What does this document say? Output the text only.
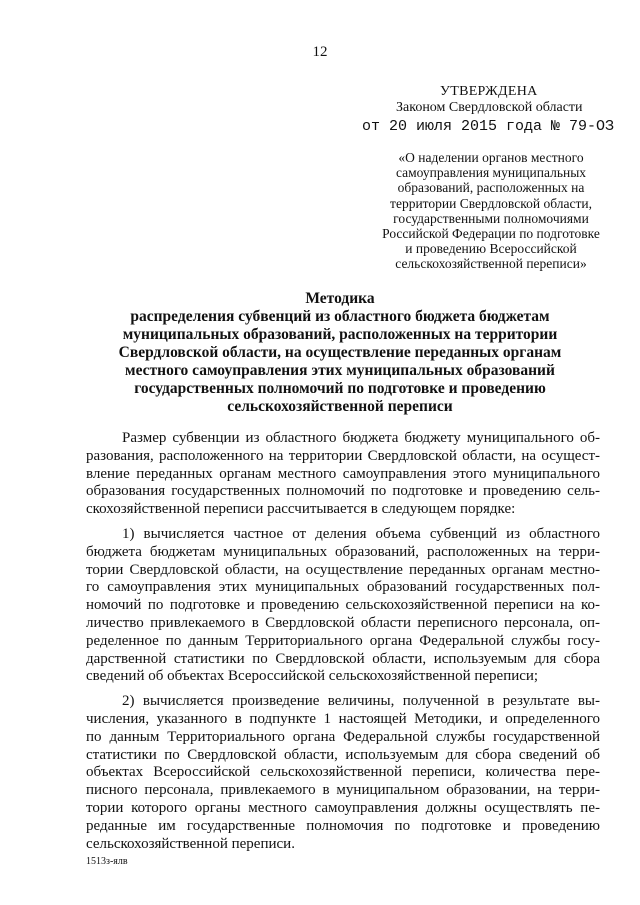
12
УТВЕРЖДЕНА
Законом Свердловской области
от 20 июля 2015 года № 79-ОЗ
«О наделении органов местного
самоуправления муниципальных
образований, расположенных на
территории Свердловской области,
государственными полномочиями
Российской Федерации по подготовке
и проведению Всероссийской
сельскохозяйственной переписи»
Методика
распределения субвенций из областного бюджета бюджетам
муниципальных образований, расположенных на территории
Свердловской области, на осуществление переданных органам
местного самоуправления этих муниципальных образований
государственных полномочий по подготовке и проведению
сельскохозяйственной переписи
Размер субвенции из областного бюджета бюджету муниципального об-
разования, расположенного на территории Свердловской области, на осущест-
вление переданных органам местного самоуправления этого муниципального
образования государственных полномочий по подготовке и проведению сель-
скохозяйственной переписи рассчитывается в следующем порядке:
1) вычисляется частное от деления объема субвенций из областного
бюджета бюджетам муниципальных образований, расположенных на терри-
тории Свердловской области, на осуществление переданных органам местно-
го самоуправления этих муниципальных образований государственных пол-
номочий по подготовке и проведению сельскохозяйственной переписи на ко-
личество привлекаемого в Свердловской области переписного персонала, оп-
ределенное по данным Территориального органа Федеральной службы госу-
дарственной статистики по Свердловской области, используемым для сбора
сведений об объектах Всероссийской сельскохозяйственной переписи;
2) вычисляется произведение величины, полученной в результате вы-
числения, указанного в подпункте 1 настоящей Методики, и определенного
по данным Территориального органа Федеральной службы государственной
статистики по Свердловской области, используемым для сбора сведений об
объектах Всероссийской сельскохозяйственной переписи, количества пере-
писного персонала, привлекаемого в муниципальном образовании, на терри-
тории которого органы местного самоуправления должны осуществлять пе-
реданные им государственные полномочия по подготовке и проведению
сельскохозяйственной переписи.
1513з-ялв
